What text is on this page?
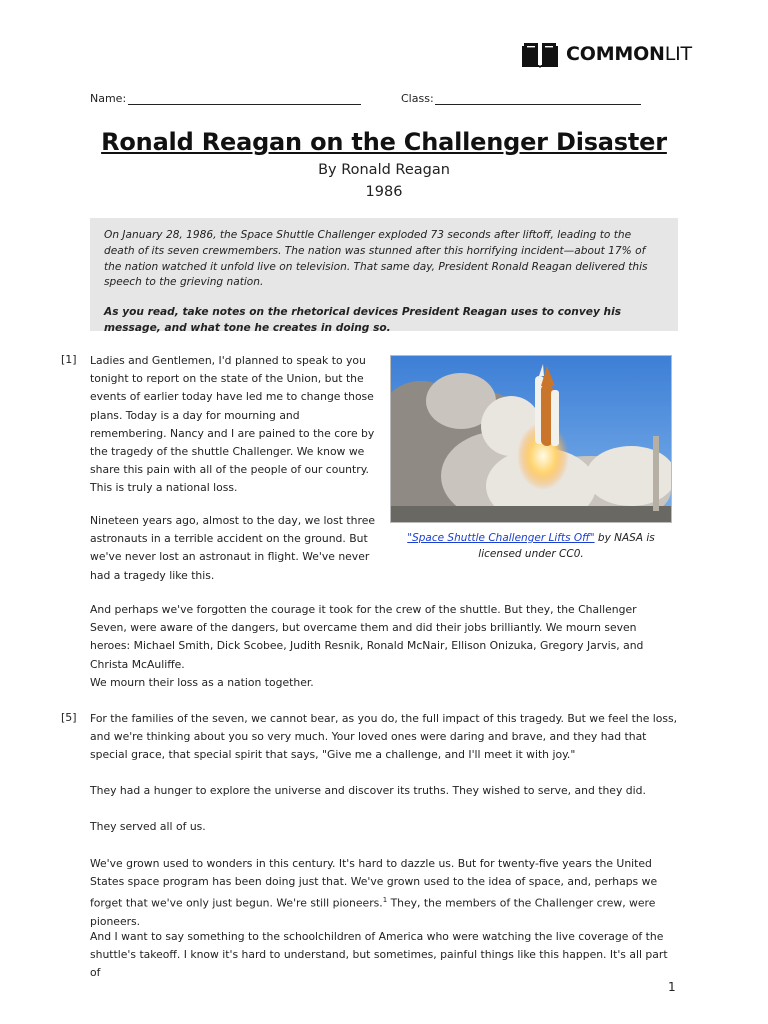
COMMONLIT
Name:	Class:
Ronald Reagan on the Challenger Disaster
By Ronald Reagan
1986

On January 28, 1986, the Space Shuttle Challenger exploded 73 seconds after liftoff, leading to the death of its seven crewmembers. The nation was stunned after this horrifying incident—about 17% of the nation watched it unfold live on television. That same day, President Ronald Reagan delivered this speech to the grieving nation.

As you read, take notes on the rhetorical devices President Reagan uses to convey his message, and what tone he creates in doing so.

"Space Shuttle Challenger Lifts Off" by NASA is licensed under CC0.
[1] Ladies and Gentlemen, I'd planned to speak to you tonight to report on the state of the Union, but the events of earlier today have led me to change those plans. Today is a day for mourning and remembering. Nancy and I are pained to the core by the tragedy of the shuttle Challenger. We know we share this pain with all of the people of our country. This is truly a national loss.

Nineteen years ago, almost to the day, we lost three astronauts in a terrible accident on the ground. But we've never lost an astronaut in flight. We've never had a tragedy like this.

And perhaps we've forgotten the courage it took for the crew of the shuttle. But they, the Challenger Seven, were aware of the dangers, but overcame them and did their jobs brilliantly. We mourn seven heroes: Michael Smith, Dick Scobee, Judith Resnik, Ronald McNair, Ellison Onizuka, Gregory Jarvis, and Christa McAuliffe.

We mourn their loss as a nation together.

[5] For the families of the seven, we cannot bear, as you do, the full impact of this tragedy. But we feel the loss, and we're thinking about you so very much. Your loved ones were daring and brave, and they had that special grace, that special spirit that says, "Give me a challenge, and I'll meet it with joy."

They had a hunger to explore the universe and discover its truths. They wished to serve, and they did.

They served all of us.

We've grown used to wonders in this century. It's hard to dazzle us. But for twenty-five years the United States space program has been doing just that. We've grown used to the idea of space, and, perhaps we forget that we've only just begun. We're still pioneers.$^1$ They, the members of the Challenger crew, were pioneers.

And I want to say something to the schoolchildren of America who were watching the live coverage of the shuttle's takeoff. I know it's hard to understand, but sometimes, painful things like this happen. It's all part of

1
